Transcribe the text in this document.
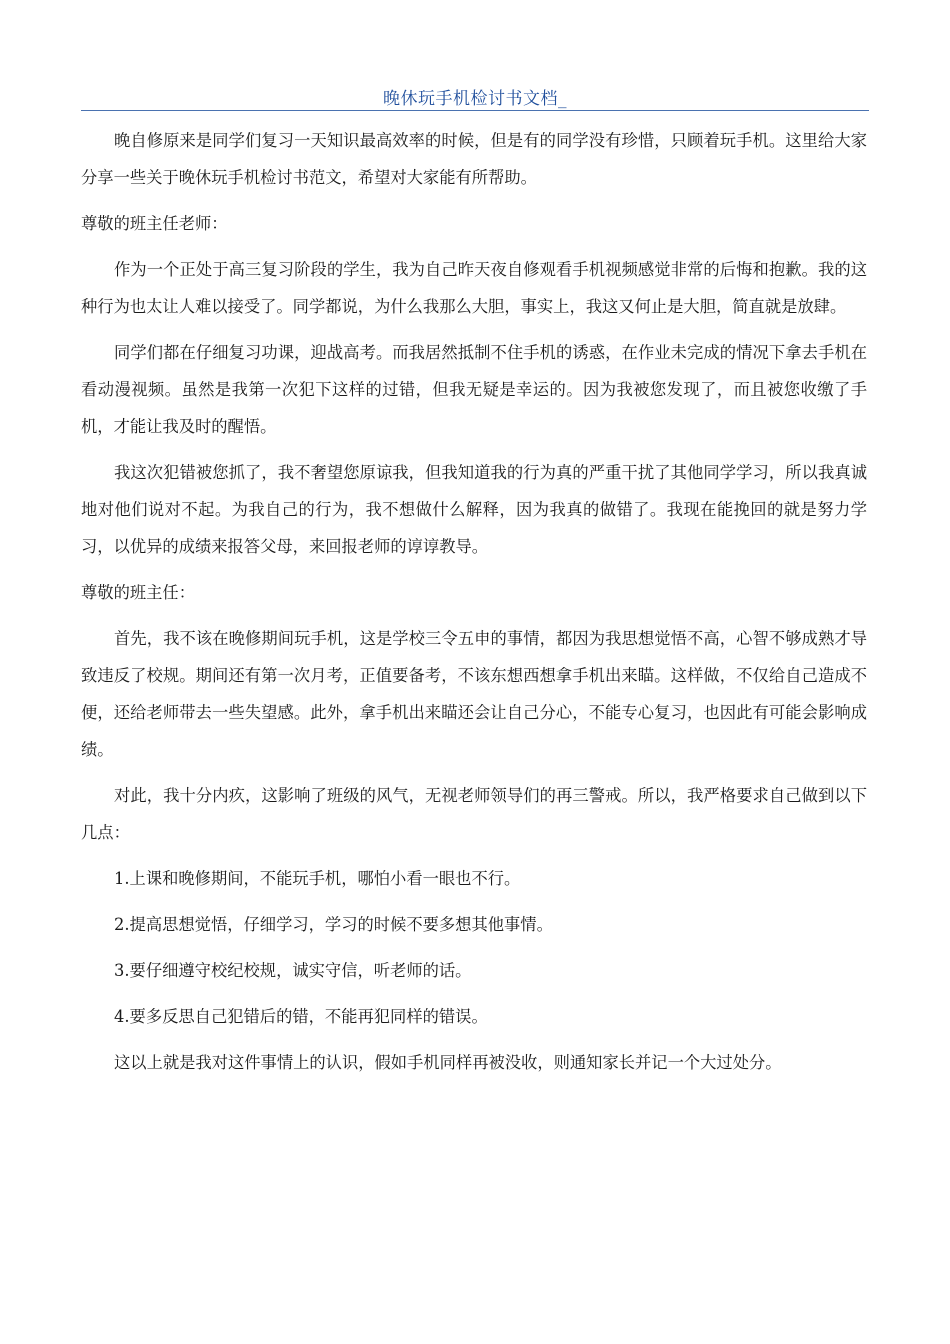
晚休玩手机检讨书文档_

晚自修原来是同学们复习一天知识最高效率的时候，但是有的同学没有珍惜，只顾着玩手机。这里给大家分享一些关于晚休玩手机检讨书范文，希望对大家能有所帮助。

尊敬的班主任老师：

作为一个正处于高三复习阶段的学生，我为自己昨天夜自修观看手机视频感觉非常的后悔和抱歉。我的这种行为也太让人难以接受了。同学都说，为什么我那么大胆，事实上，我这又何止是大胆，简直就是放肆。

同学们都在仔细复习功课，迎战高考。而我居然抵制不住手机的诱惑，在作业未完成的情况下拿去手机在看动漫视频。虽然是我第一次犯下这样的过错，但我无疑是幸运的。因为我被您发现了，而且被您收缴了手机，才能让我及时的醒悟。

我这次犯错被您抓了，我不奢望您原谅我，但我知道我的行为真的严重干扰了其他同学学习，所以我真诚地对他们说对不起。为我自己的行为，我不想做什么解释，因为我真的做错了。我现在能挽回的就是努力学习，以优异的成绩来报答父母，来回报老师的谆谆教导。

尊敬的班主任：

首先，我不该在晚修期间玩手机，这是学校三令五申的事情，都因为我思想觉悟不高，心智不够成熟才导致违反了校规。期间还有第一次月考，正值要备考，不该东想西想拿手机出来瞄。这样做，不仅给自己造成不便，还给老师带去一些失望感。此外，拿手机出来瞄还会让自己分心，不能专心复习，也因此有可能会影响成绩。

对此，我十分内疚，这影响了班级的风气，无视老师领导们的再三警戒。所以，我严格要求自己做到以下几点：

1.上课和晚修期间，不能玩手机，哪怕小看一眼也不行。

2.提高思想觉悟，仔细学习，学习的时候不要多想其他事情。

3.要仔细遵守校纪校规，诚实守信，听老师的话。

4.要多反思自己犯错后的错，不能再犯同样的错误。

这以上就是我对这件事情上的认识，假如手机同样再被没收，则通知家长并记一个大过处分。
